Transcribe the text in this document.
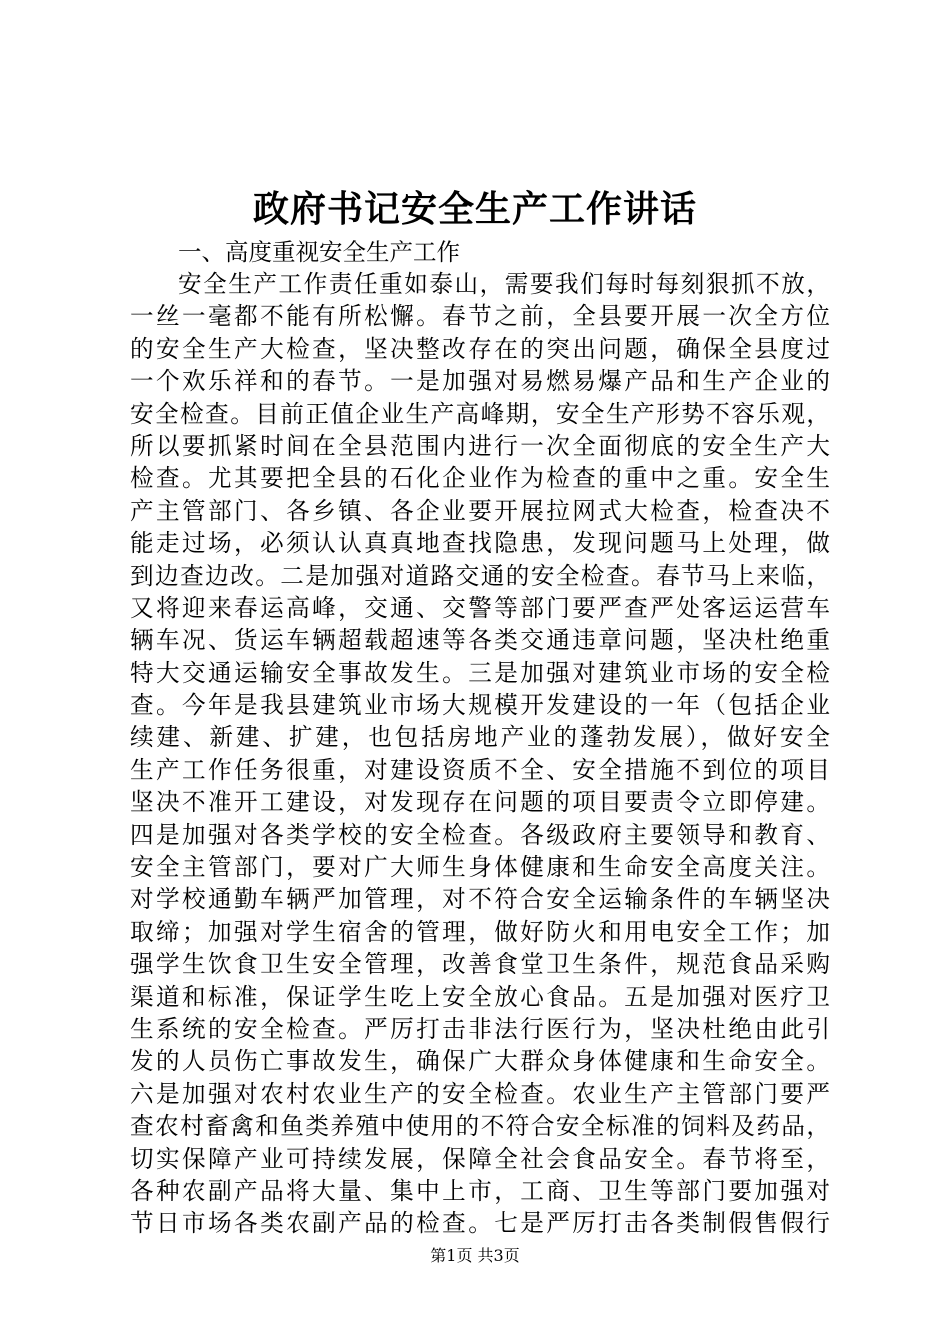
政府书记安全生产工作讲话

一、高度重视安全生产工作

安全生产工作责任重如泰山，需要我们每时每刻狠抓不放，
一丝一毫都不能有所松懈。春节之前，全县要开展一次全方位
的安全生产大检查，坚决整改存在的突出问题，确保全县度过
一个欢乐祥和的春节。一是加强对易燃易爆产品和生产企业的
安全检查。目前正值企业生产高峰期，安全生产形势不容乐观，
所以要抓紧时间在全县范围内进行一次全面彻底的安全生产大
检查。尤其要把全县的石化企业作为检查的重中之重。安全生
产主管部门、各乡镇、各企业要开展拉网式大检查，检查决不
能走过场，必须认认真真地查找隐患，发现问题马上处理，做
到边查边改。二是加强对道路交通的安全检查。春节马上来临，
又将迎来春运高峰，交通、交警等部门要严查严处客运运营车
辆车况、货运车辆超载超速等各类交通违章问题，坚决杜绝重
特大交通运输安全事故发生。三是加强对建筑业市场的安全检
查。今年是我县建筑业市场大规模开发建设的一年（包括企业
续建、新建、扩建，也包括房地产业的蓬勃发展），做好安全
生产工作任务很重，对建设资质不全、安全措施不到位的项目
坚决不准开工建设，对发现存在问题的项目要责令立即停建。
四是加强对各类学校的安全检查。各级政府主要领导和教育、
安全主管部门，要对广大师生身体健康和生命安全高度关注。
对学校通勤车辆严加管理，对不符合安全运输条件的车辆坚决
取缔；加强对学生宿舍的管理，做好防火和用电安全工作；加
强学生饮食卫生安全管理，改善食堂卫生条件，规范食品采购
渠道和标准，保证学生吃上安全放心食品。五是加强对医疗卫
生系统的安全检查。严厉打击非法行医行为，坚决杜绝由此引
发的人员伤亡事故发生，确保广大群众身体健康和生命安全。
六是加强对农村农业生产的安全检查。农业生产主管部门要严
查农村畜禽和鱼类养殖中使用的不符合安全标准的饲料及药品，
切实保障产业可持续发展，保障全社会食品安全。春节将至，
各种农副产品将大量、集中上市，工商、卫生等部门要加强对
节日市场各类农副产品的检查。七是严厉打击各类制假售假行
第1页 共3页
